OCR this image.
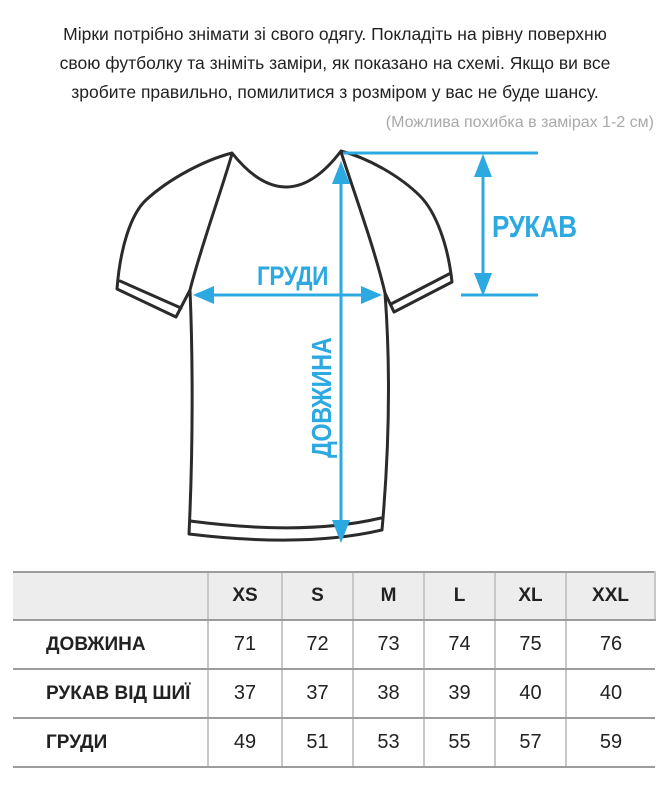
Мірки потрібно знімати зі свого одягу. Покладіть на рівну поверхню
свою футболку та зніміть заміри, як показано на схемі. Якщо ви все
зробите правильно, помилитися з розміром у вас не буде шансу.
(Можлива похибка в замірах 1-2 см)
ГРУДИ
ДОВЖИНА
РУКАВ
	XS	S	M	L	XL	XXL
ДОВЖИНА	71	72	73	74	75	76
РУКАВ ВІД ШИЇ	37	37	38	39	40	40
ГРУДИ	49	51	53	55	57	59
